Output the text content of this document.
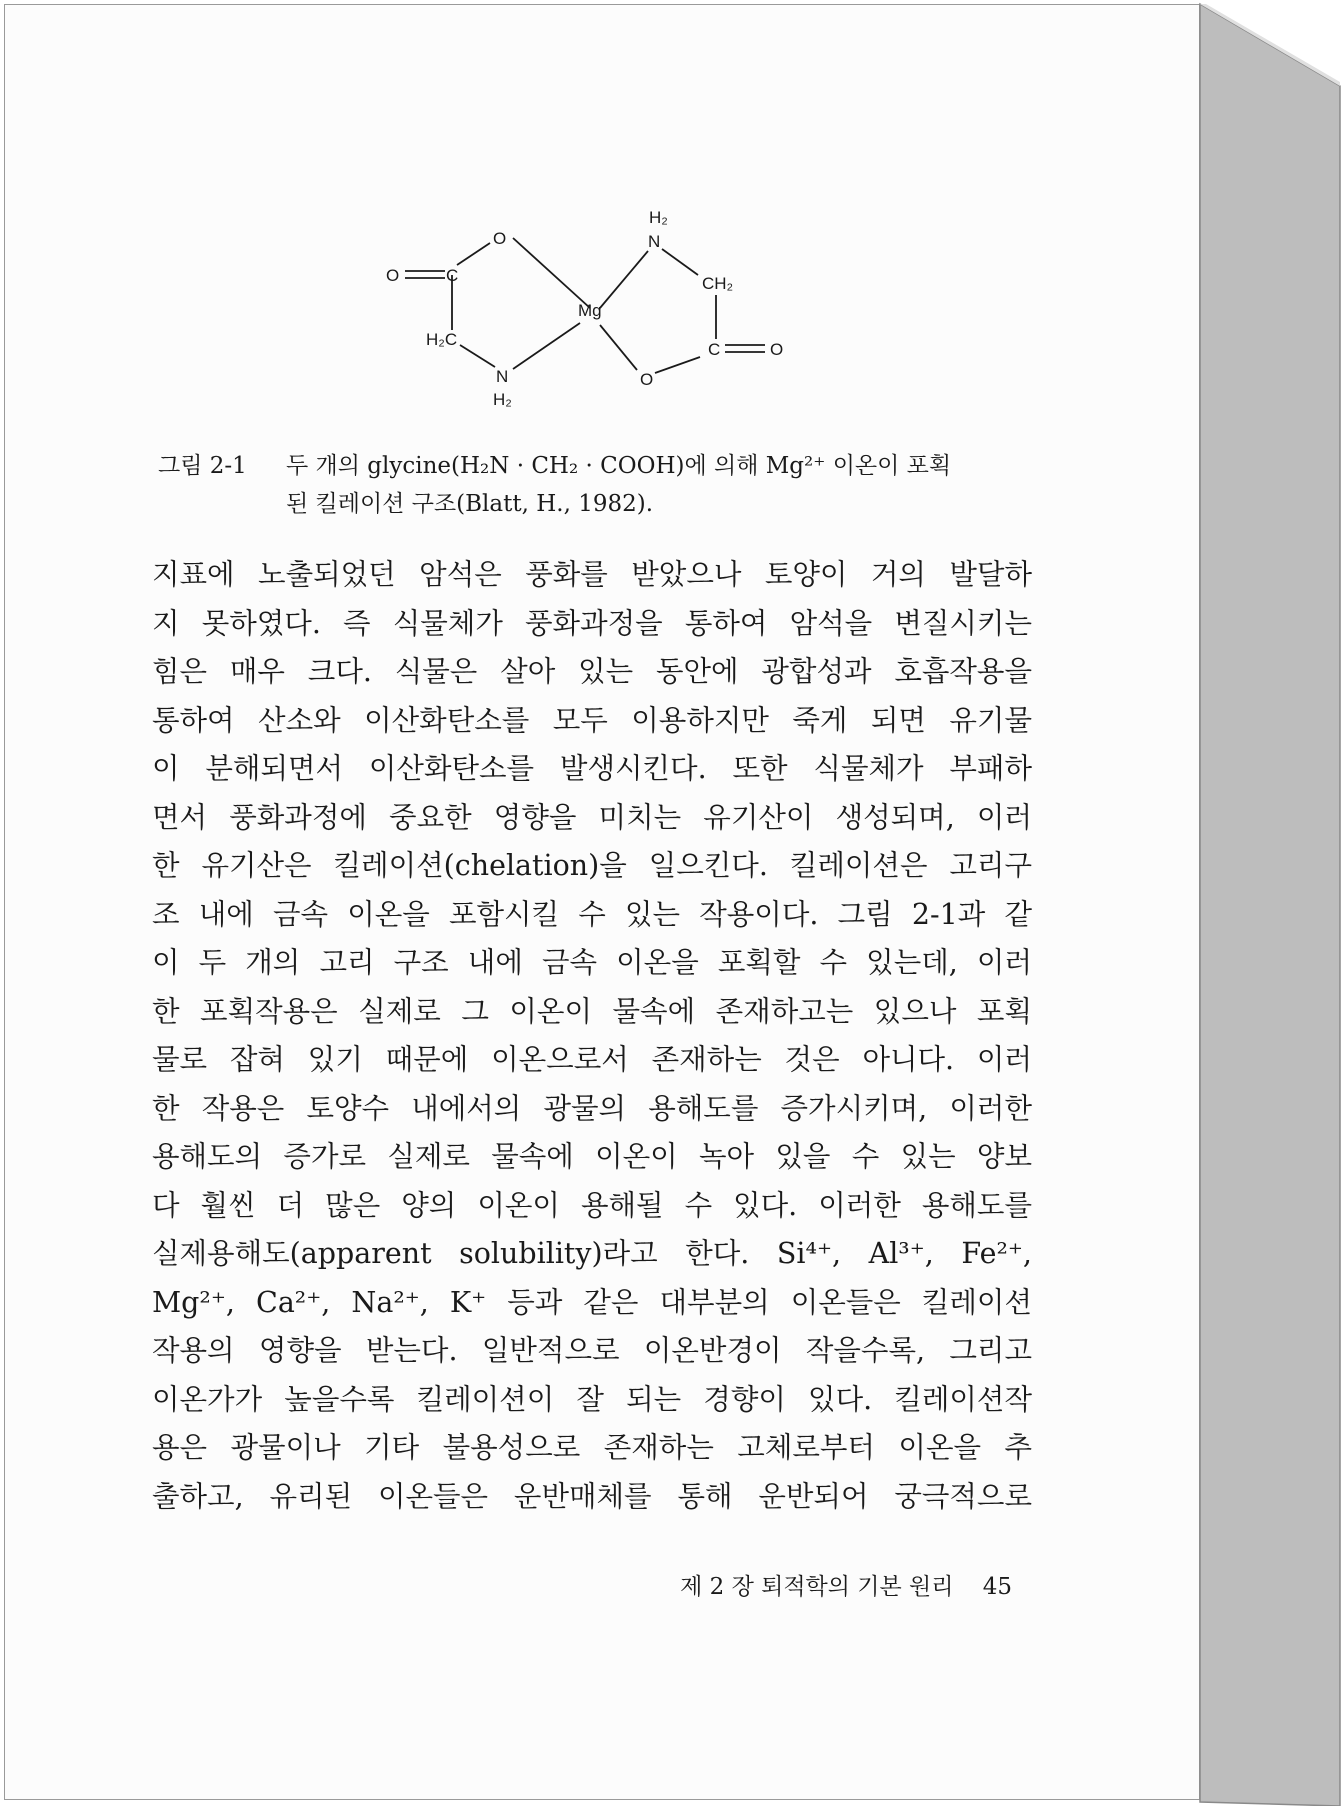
Mg
O
O	C
H₂C
N
H₂
H₂
N
CH₂
C	O
O
그림 2-1 두 개의 glycine(H₂N · CH₂ · COOH)에 의해 Mg²⁺ 이온이 포획
된 킬레이션 구조(Blatt, H., 1982).
지표에 노출되었던 암석은 풍화를 받았으나 토양이 거의 발달하
지 못하였다. 즉 식물체가 풍화과정을 통하여 암석을 변질시키는
힘은 매우 크다. 식물은 살아 있는 동안에 광합성과 호흡작용을
통하여 산소와 이산화탄소를 모두 이용하지만 죽게 되면 유기물
이 분해되면서 이산화탄소를 발생시킨다. 또한 식물체가 부패하
면서 풍화과정에 중요한 영향을 미치는 유기산이 생성되며, 이러
한 유기산은 킬레이션(chelation)을 일으킨다. 킬레이션은 고리구
조 내에 금속 이온을 포함시킬 수 있는 작용이다. 그림 2-1과 같
이 두 개의 고리 구조 내에 금속 이온을 포획할 수 있는데, 이러
한 포획작용은 실제로 그 이온이 물속에 존재하고는 있으나 포획
물로 잡혀 있기 때문에 이온으로서 존재하는 것은 아니다. 이러
한 작용은 토양수 내에서의 광물의 용해도를 증가시키며, 이러한
용해도의 증가로 실제로 물속에 이온이 녹아 있을 수 있는 양보
다 훨씬 더 많은 양의 이온이 용해될 수 있다. 이러한 용해도를
실제용해도(apparent solubility)라고 한다. Si⁴⁺, Al³⁺, Fe²⁺,
Mg²⁺, Ca²⁺, Na²⁺, K⁺ 등과 같은 대부분의 이온들은 킬레이션
작용의 영향을 받는다. 일반적으로 이온반경이 작을수록, 그리고
이온가가 높을수록 킬레이션이 잘 되는 경향이 있다. 킬레이션작
용은 광물이나 기타 불용성으로 존재하는 고체로부터 이온을 추
출하고, 유리된 이온들은 운반매체를 통해 운반되어 궁극적으로
제 2 장 퇴적학의 기본 원리 45
